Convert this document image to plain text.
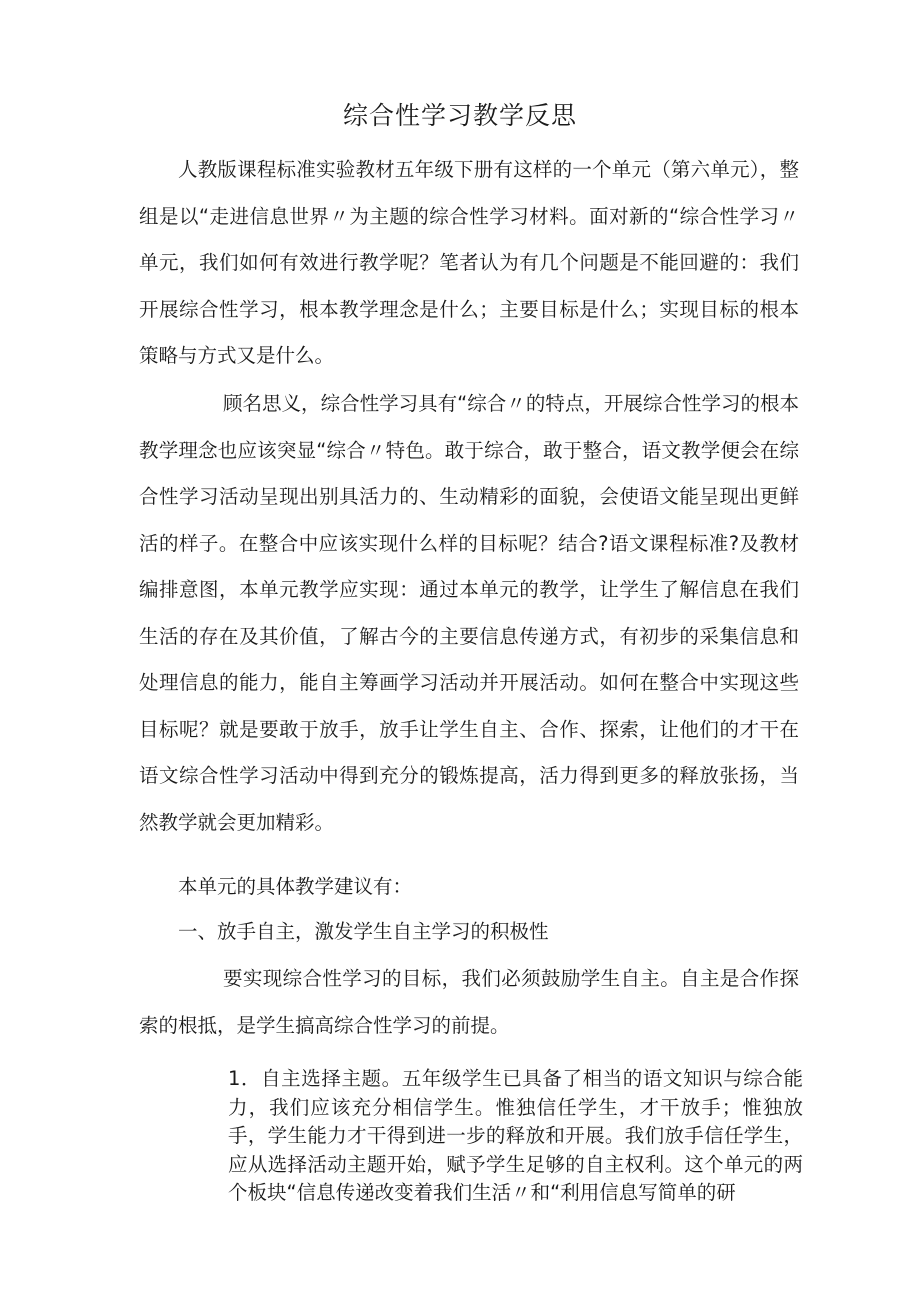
综合性学习教学反思

人教版课程标准实验教材五年级下册有这样的一个单元（第六单元），整组是以“走进信息世界〃为主题的综合性学习材料。面对新的“综合性学习〃单元，我们如何有效进行教学呢？笔者认为有几个问题是不能回避的：我们开展综合性学习，根本教学理念是什么；主要目标是什么；实现目标的根本策略与方式又是什么。

顾名思义，综合性学习具有“综合〃的特点，开展综合性学习的根本教学理念也应该突显“综合〃特色。敢于综合，敢于整合，语文教学便会在综合性学习活动呈现出别具活力的、生动精彩的面貌，会使语文能呈现出更鲜活的样子。在整合中应该实现什么样的目标呢？结合?语文课程标准?及教材编排意图，本单元教学应实现：通过本单元的教学，让学生了解信息在我们生活的存在及其价值，了解古今的主要信息传递方式，有初步的采集信息和处理信息的能力，能自主筹画学习活动并开展活动。如何在整合中实现这些目标呢？就是要敢于放手，放手让学生自主、合作、探索，让他们的才干在语文综合性学习活动中得到充分的锻炼提高，活力得到更多的释放张扬，当然教学就会更加精彩。

本单元的具体教学建议有：

一、放手自主，激发学生自主学习的积极性

要实现综合性学习的目标，我们必须鼓励学生自主。自主是合作探索的根抵，是学生搞高综合性学习的前提。

1．自主选择主题。五年级学生已具备了相当的语文知识与综合能力，我们应该充分相信学生。惟独信任学生，才干放手；惟独放手，学生能力才干得到进一步的释放和开展。我们放手信任学生，应从选择活动主题开始，赋予学生足够的自主权利。这个单元的两个板块“信息传递改变着我们生活〃和“利用信息写简单的研
